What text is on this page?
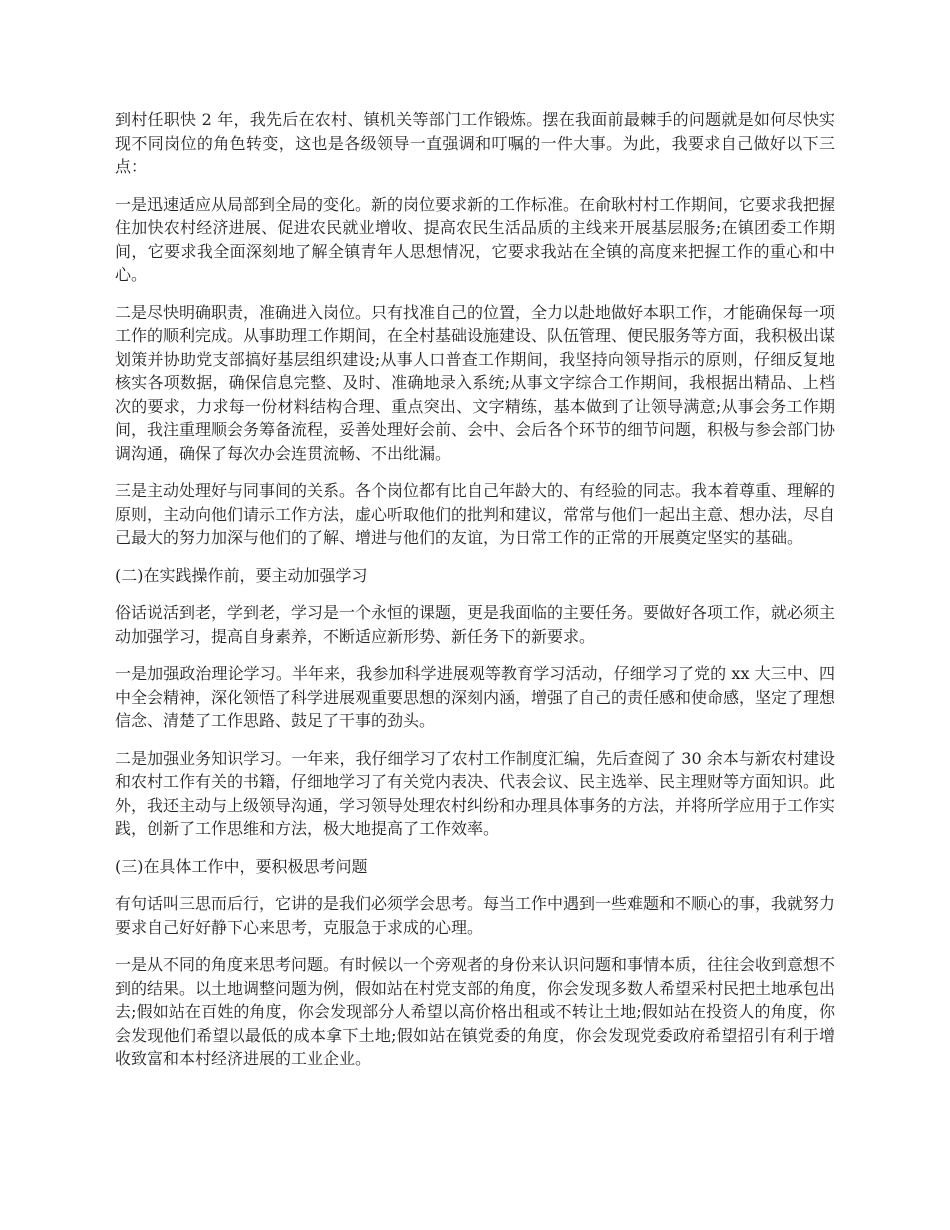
到村任职快 2 年，我先后在农村、镇机关等部门工作锻炼。摆在我面前最棘手的问题就是如何尽快实现不同岗位的角色转变，这也是各级领导一直强调和叮嘱的一件大事。为此，我要求自己做好以下三点：

一是迅速适应从局部到全局的变化。新的岗位要求新的工作标准。在俞耿村村工作期间，它要求我把握住加快农村经济进展、促进农民就业增收、提高农民生活品质的主线来开展基层服务;在镇团委工作期间，它要求我全面深刻地了解全镇青年人思想情况，它要求我站在全镇的高度来把握工作的重心和中心。

二是尽快明确职责，准确进入岗位。只有找准自己的位置，全力以赴地做好本职工作，才能确保每一项工作的顺利完成。从事助理工作期间，在全村基础设施建设、队伍管理、便民服务等方面，我积极出谋划策并协助党支部搞好基层组织建设;从事人口普查工作期间，我坚持向领导指示的原则，仔细反复地核实各项数据，确保信息完整、及时、准确地录入系统;从事文字综合工作期间，我根据出精品、上档次的要求，力求每一份材料结构合理、重点突出、文字精练，基本做到了让领导满意;从事会务工作期间，我注重理顺会务筹备流程，妥善处理好会前、会中、会后各个环节的细节问题，积极与参会部门协调沟通，确保了每次办会连贯流畅、不出纰漏。

三是主动处理好与同事间的关系。各个岗位都有比自己年龄大的、有经验的同志。我本着尊重、理解的原则，主动向他们请示工作方法，虚心听取他们的批判和建议，常常与他们一起出主意、想办法，尽自己最大的努力加深与他们的了解、增进与他们的友谊，为日常工作的正常的开展奠定坚实的基础。

(二)在实践操作前，要主动加强学习

俗话说活到老，学到老，学习是一个永恒的课题，更是我面临的主要任务。要做好各项工作，就必须主动加强学习，提高自身素养，不断适应新形势、新任务下的新要求。

一是加强政治理论学习。半年来，我参加科学进展观等教育学习活动，仔细学习了党的 xx 大三中、四中全会精神，深化领悟了科学进展观重要思想的深刻内涵，增强了自己的责任感和使命感，坚定了理想信念、清楚了工作思路、鼓足了干事的劲头。

二是加强业务知识学习。一年来，我仔细学习了农村工作制度汇编，先后查阅了 30 余本与新农村建设和农村工作有关的书籍，仔细地学习了有关党内表决、代表会议、民主选举、民主理财等方面知识。此外，我还主动与上级领导沟通，学习领导处理农村纠纷和办理具体事务的方法，并将所学应用于工作实践，创新了工作思维和方法，极大地提高了工作效率。

(三)在具体工作中，要积极思考问题

有句话叫三思而后行，它讲的是我们必须学会思考。每当工作中遇到一些难题和不顺心的事，我就努力要求自己好好静下心来思考，克服急于求成的心理。

一是从不同的角度来思考问题。有时候以一个旁观者的身份来认识问题和事情本质，往往会收到意想不到的结果。以土地调整问题为例，假如站在村党支部的角度，你会发现多数人希望采村民把土地承包出去;假如站在百姓的角度，你会发现部分人希望以高价格出租或不转让土地;假如站在投资人的角度，你会发现他们希望以最低的成本拿下土地;假如站在镇党委的角度，你会发现党委政府希望招引有利于增收致富和本村经济进展的工业企业。
